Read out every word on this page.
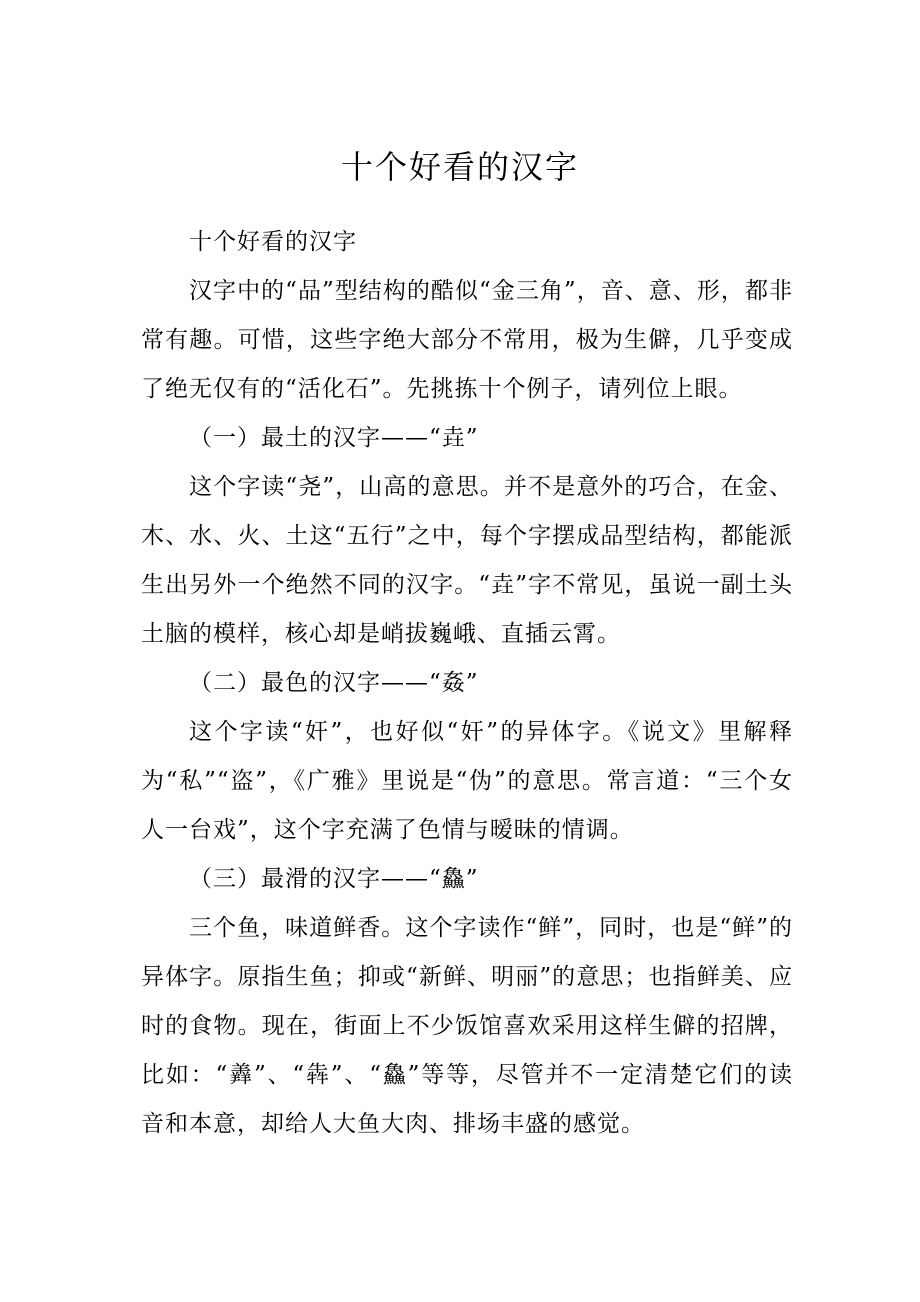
十个好看的汉字

十个好看的汉字

汉字中的“品”型结构的酷似“金三角”，音、意、形，都非常有趣。可惜，这些字绝大部分不常用，极为生僻，几乎变成了绝无仅有的“活化石”。先挑拣十个例子，请列位上眼。

（一）最土的汉字——“垚”

这个字读“尧”，山高的意思。并不是意外的巧合，在金、木、水、火、土这“五行”之中，每个字摆成品型结构，都能派生出另外一个绝然不同的汉字。“垚”字不常见，虽说一副土头土脑的模样，核心却是峭拔巍峨、直插云霄。

（二）最色的汉字——“姦”

这个字读“奸”，也好似“奸”的异体字。《说文》里解释为“私”“盗”，《广雅》里说是“伪”的意思。常言道：“三个女人一台戏”，这个字充满了色情与暧昧的情调。

（三）最滑的汉字——“鱻”

三个鱼，味道鲜香。这个字读作“鲜”，同时，也是“鲜”的异体字。原指生鱼；抑或“新鲜、明丽”的意思；也指鲜美、应时的食物。现在，街面上不少饭馆喜欢采用这样生僻的招牌，比如：“羴”、“犇”、“鱻”等等，尽管并不一定清楚它们的读音和本意，却给人大鱼大肉、排场丰盛的感觉。
